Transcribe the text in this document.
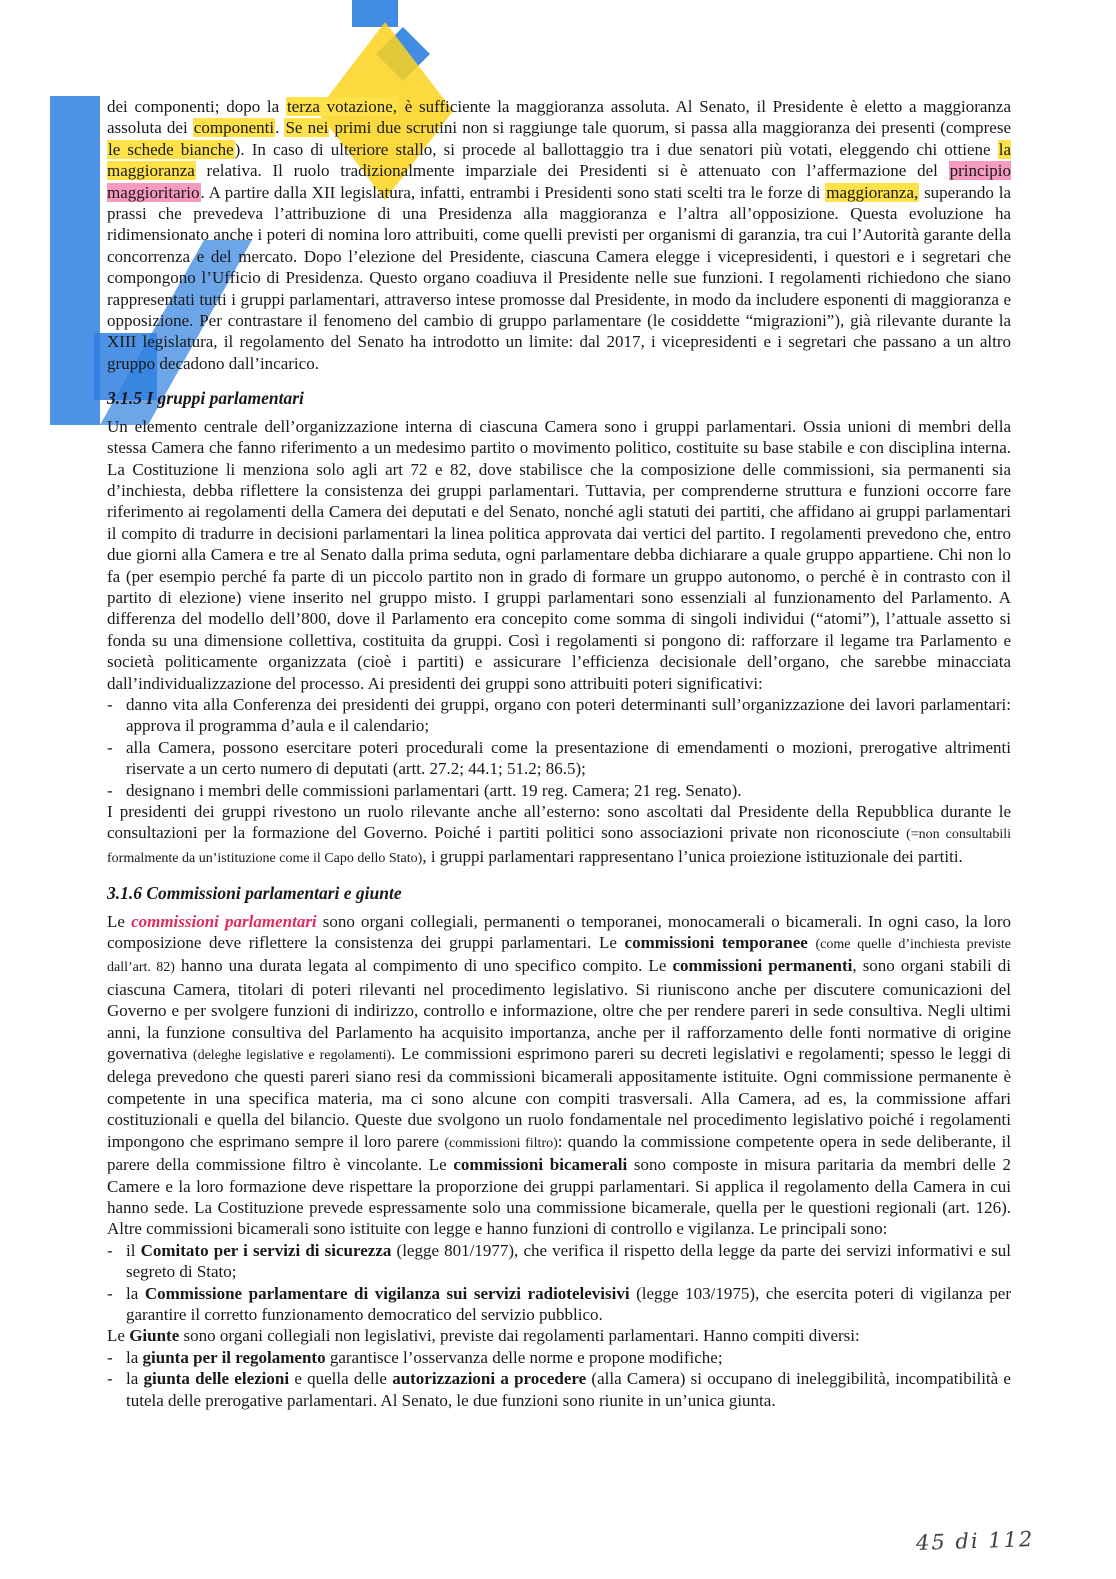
dei componenti; dopo la terza votazione, è sufficiente la maggioranza assoluta. Al Senato, il Presidente è eletto a maggioranza assoluta dei componenti. Se nei primi due scrutini non si raggiunge tale quorum, si passa alla maggioranza dei presenti (comprese le schede bianche). In caso di ulteriore stallo, si procede al ballottaggio tra i due senatori più votati, eleggendo chi ottiene la maggioranza relativa. Il ruolo tradizionalmente imparziale dei Presidenti si è attenuato con l’affermazione del principio maggioritario. A partire dalla XII legislatura, infatti, entrambi i Presidenti sono stati scelti tra le forze di maggioranza, superando la prassi che prevedeva l’attribuzione di una Presidenza alla maggioranza e l’altra all’opposizione. Questa evoluzione ha ridimensionato anche i poteri di nomina loro attribuiti, come quelli previsti per organismi di garanzia, tra cui l’Autorità garante della concorrenza e del mercato. Dopo l’elezione del Presidente, ciascuna Camera elegge i vicepresidenti, i questori e i segretari che compongono l’Ufficio di Presidenza. Questo organo coadiuva il Presidente nelle sue funzioni. I regolamenti richiedono che siano rappresentati tutti i gruppi parlamentari, attraverso intese promosse dal Presidente, in modo da includere esponenti di maggioranza e opposizione. Per contrastare il fenomeno del cambio di gruppo parlamentare (le cosiddette “migrazioni”), già rilevante durante la XIII legislatura, il regolamento del Senato ha introdotto un limite: dal 2017, i vicepresidenti e i segretari che passano a un altro gruppo decadono dall’incarico.

3.1.5 I gruppi parlamentari

Un elemento centrale dell’organizzazione interna di ciascuna Camera sono i gruppi parlamentari. Ossia unioni di membri della stessa Camera che fanno riferimento a un medesimo partito o movimento politico, costituite su base stabile e con disciplina interna. La Costituzione li menziona solo agli art 72 e 82, dove stabilisce che la composizione delle commissioni, sia permanenti sia d’inchiesta, debba riflettere la consistenza dei gruppi parlamentari. Tuttavia, per comprenderne struttura e funzioni occorre fare riferimento ai regolamenti della Camera dei deputati e del Senato, nonché agli statuti dei partiti, che affidano ai gruppi parlamentari il compito di tradurre in decisioni parlamentari la linea politica approvata dai vertici del partito. I regolamenti prevedono che, entro due giorni alla Camera e tre al Senato dalla prima seduta, ogni parlamentare debba dichiarare a quale gruppo appartiene. Chi non lo fa (per esempio perché fa parte di un piccolo partito non in grado di formare un gruppo autonomo, o perché è in contrasto con il partito di elezione) viene inserito nel gruppo misto. I gruppi parlamentari sono essenziali al funzionamento del Parlamento. A differenza del modello dell’800, dove il Parlamento era concepito come somma di singoli individui (“atomi”), l’attuale assetto si fonda su una dimensione collettiva, costituita da gruppi. Così i regolamenti si pongono di: rafforzare il legame tra Parlamento e società politicamente organizzata (cioè i partiti) e assicurare l’efficienza decisionale dell’organo, che sarebbe minacciata dall’individualizzazione del processo. Ai presidenti dei gruppi sono attribuiti poteri significativi:

- danno vita alla Conferenza dei presidenti dei gruppi, organo con poteri determinanti sull’organizzazione dei lavori parlamentari: approva il programma d’aula e il calendario;
- alla Camera, possono esercitare poteri procedurali come la presentazione di emendamenti o mozioni, prerogative altrimenti riservate a un certo numero di deputati (artt. 27.2; 44.1; 51.2; 86.5);
- designano i membri delle commissioni parlamentari (artt. 19 reg. Camera; 21 reg. Senato).

I presidenti dei gruppi rivestono un ruolo rilevante anche all’esterno: sono ascoltati dal Presidente della Repubblica durante le consultazioni per la formazione del Governo. Poiché i partiti politici sono associazioni private non riconosciute (=non consultabili formalmente da un’istituzione come il Capo dello Stato), i gruppi parlamentari rappresentano l’unica proiezione istituzionale dei partiti.

3.1.6 Commissioni parlamentari e giunte

Le commissioni parlamentari sono organi collegiali, permanenti o temporanei, monocamerali o bicamerali. In ogni caso, la loro composizione deve riflettere la consistenza dei gruppi parlamentari. Le commissioni temporanee (come quelle d’inchiesta previste dall’art. 82) hanno una durata legata al compimento di uno specifico compito. Le commissioni permanenti, sono organi stabili di ciascuna Camera, titolari di poteri rilevanti nel procedimento legislativo. Si riuniscono anche per discutere comunicazioni del Governo e per svolgere funzioni di indirizzo, controllo e informazione, oltre che per rendere pareri in sede consultiva. Negli ultimi anni, la funzione consultiva del Parlamento ha acquisito importanza, anche per il rafforzamento delle fonti normative di origine governativa (deleghe legislative e regolamenti). Le commissioni esprimono pareri su decreti legislativi e regolamenti; spesso le leggi di delega prevedono che questi pareri siano resi da commissioni bicamerali appositamente istituite. Ogni commissione permanente è competente in una specifica materia, ma ci sono alcune con compiti trasversali. Alla Camera, ad es, la commissione affari costituzionali e quella del bilancio. Queste due svolgono un ruolo fondamentale nel procedimento legislativo poiché i regolamenti impongono che esprimano sempre il loro parere (commissioni filtro): quando la commissione competente opera in sede deliberante, il parere della commissione filtro è vincolante. Le commissioni bicamerali sono composte in misura paritaria da membri delle 2 Camere e la loro formazione deve rispettare la proporzione dei gruppi parlamentari. Si applica il regolamento della Camera in cui hanno sede. La Costituzione prevede espressamente solo una commissione bicamerale, quella per le questioni regionali (art. 126). Altre commissioni bicamerali sono istituite con legge e hanno funzioni di controllo e vigilanza. Le principali sono:

- il Comitato per i servizi di sicurezza (legge 801/1977), che verifica il rispetto della legge da parte dei servizi informativi e sul segreto di Stato;
- la Commissione parlamentare di vigilanza sui servizi radiotelevisivi (legge 103/1975), che esercita poteri di vigilanza per garantire il corretto funzionamento democratico del servizio pubblico.

Le Giunte sono organi collegiali non legislativi, previste dai regolamenti parlamentari. Hanno compiti diversi:

- la giunta per il regolamento garantisce l’osservanza delle norme e propone modifiche;
- la giunta delle elezioni e quella delle autorizzazioni a procedere (alla Camera) si occupano di ineleggibilità, incompatibilità e tutela delle prerogative parlamentari. Al Senato, le due funzioni sono riunite in un’unica giunta.
45 di 112
